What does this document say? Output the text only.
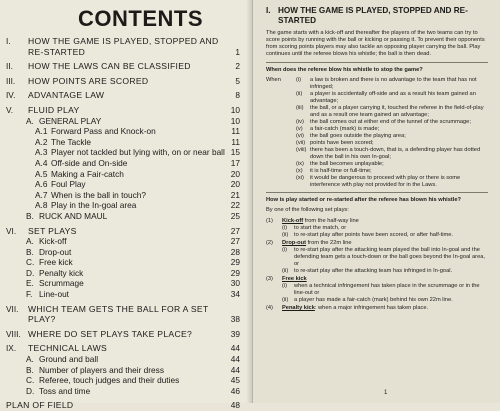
CONTENTS
I.	HOW THE GAME IS PLAYED, STOPPED AND RE-STARTED	1
II.	HOW THE LAWS CAN BE CLASSIFIED	2
III.	HOW POINTS ARE SCORED	5
IV.	ADVANTAGE LAW	8
V.	FLUID PLAY	10
A. GENERAL PLAY	10
A.1 Forward Pass and Knock-on	11
A.2 The Tackle	11
A.3 Player not tackled but lying with, on or near ball 15
A.4 Off-side and On-side	17
A.5 Making a Fair-catch	20
A.6 Foul Play	20
A.7 When is the ball in touch?	21
A.8 Play in the In-goal area	22
B. RUCK AND MAUL	25
VI.	SET PLAYS	27
A. Kick-off	27
B. Drop-out	28
C. Free kick	29
D. Penalty kick	29
E. Scrummage	30
F. Line-out	34
VII.	WHICH TEAM GETS THE BALL FOR A SET PLAY?	38
VIII. WHERE DO SET PLAYS TAKE PLACE?	39
IX.	TECHNICAL LAWS	44
A. Ground and ball	44
B. Number of players and their dress	44
C. Referee, touch judges and their duties	45
D. Toss and time	46
PLAN OF FIELD	48
I. HOW THE GAME IS PLAYED, STOPPED AND RE-STARTED

The game starts with a kick-off and thereafter the players of the two teams can try to score points by running with the ball or kicking or passing it. To prevent their opponents from scoring points players may also tackle an opposing player carrying the ball. Play continues until the referee blows his whistle; the ball is then dead.

When does the referee blow his whistle to stop the game?
When	(i) a law is broken and there is no advantage to the team that has not infringed;
(ii) a player is accidentally off-side and as a result his team gained an advantage;
(iii) the ball, or a player carrying it, touched the referee in the field-of-play and as a result one team gained an advantage;
(iv) the ball comes out at either end of the tunnel of the scrummage;
(v) a fair-catch (mark) is made;
(vi) the ball goes outside the playing area;
(vii) points have been scored;
(viii) there has been a touch-down, that is, a defending player has dotted down the ball in his own In-goal;
(ix) the ball becomes unplayable;
(x) it is half-time or full-time;
(xi) it would be dangerous to proceed with play or there is some interference with play not provided for in the Laws.
How is play started or re-started after the referee has blown his whistle?

By one of the following set plays:

(1) Kick-off from the half-way line
(i) to start the match, or
(ii) to re-start play after points have been scored, or after half-time.
(2) Drop-out from the 22m line
(i) to re-start play after the attacking team played the ball into In-goal and the defending team gets a touch-down or the ball goes beyond the In-goal area, or
(ii) to re-start play after the attacking team has infringed in In-goal.
(3) Free kick
(i) when a technical infringement has taken place in the scrummage or in the line-out or
(ii) a player has made a fair-catch (mark) behind his own 22m line.
(4) Penalty kick: when a major infringement has taken place.
1
